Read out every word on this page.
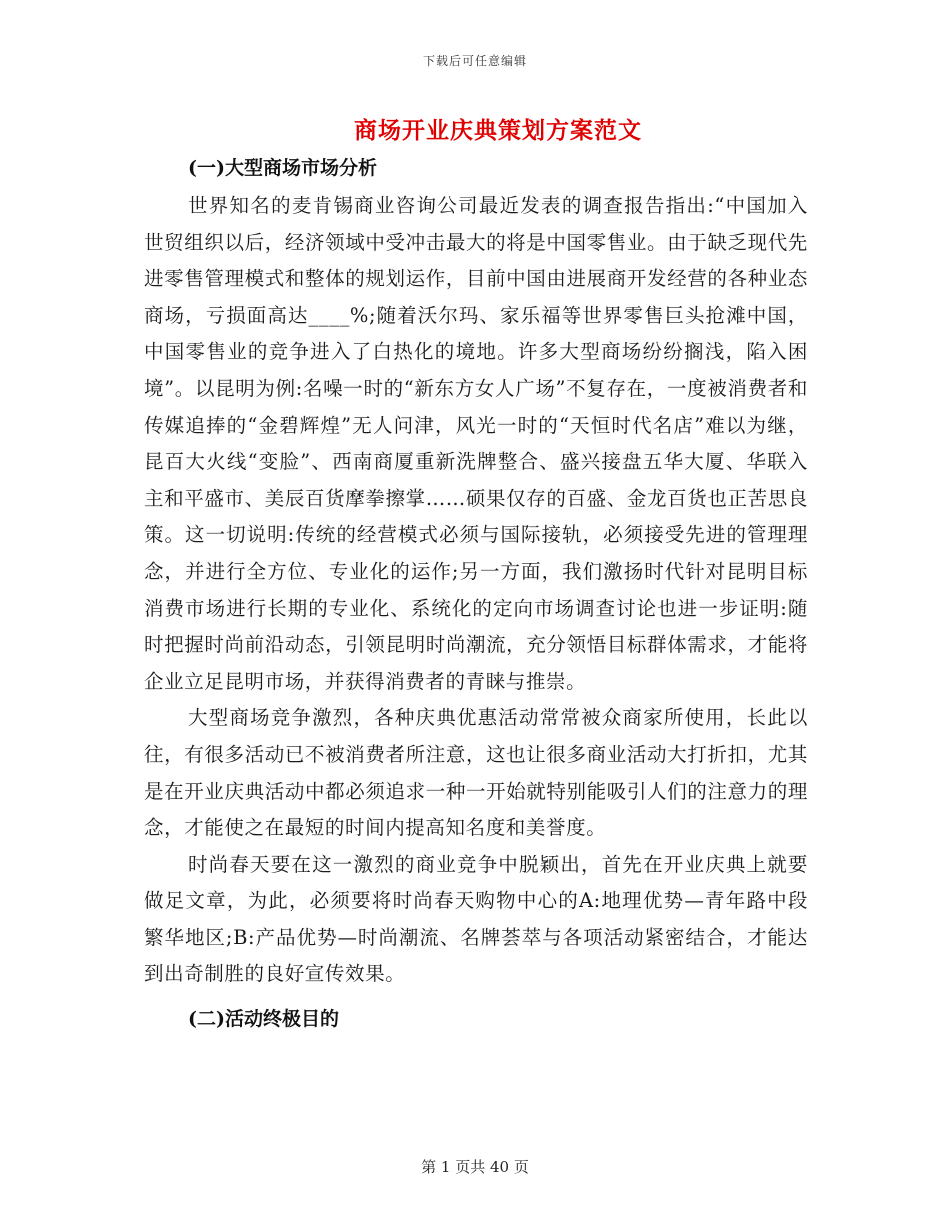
下载后可任意编辑
商场开业庆典策划方案范文
(一)大型商场市场分析

世界知名的麦肯锡商业咨询公司最近发表的调查报告指出:“中国加入世贸组织以后，经济领域中受冲击最大的将是中国零售业。由于缺乏现代先进零售管理模式和整体的规划运作，目前中国由进展商开发经营的各种业态商场，亏损面高达____%;随着沃尔玛、家乐福等世界零售巨头抢滩中国，中国零售业的竞争进入了白热化的境地。许多大型商场纷纷搁浅，陷入困境”。以昆明为例:名噪一时的“新东方女人广场”不复存在，一度被消费者和传媒追捧的“金碧辉煌”无人问津，风光一时的“天恒时代名店”难以为继，昆百大火线“变脸”、西南商厦重新洗牌整合、盛兴接盘五华大厦、华联入主和平盛市、美辰百货摩拳擦掌……硕果仅存的百盛、金龙百货也正苦思良策。这一切说明:传统的经营模式必须与国际接轨，必须接受先进的管理理念，并进行全方位、专业化的运作;另一方面，我们激扬时代针对昆明目标消费市场进行长期的专业化、系统化的定向市场调查讨论也进一步证明:随时把握时尚前沿动态，引领昆明时尚潮流，充分领悟目标群体需求，才能将企业立足昆明市场，并获得消费者的青睐与推崇。

大型商场竞争激烈，各种庆典优惠活动常常被众商家所使用，长此以往，有很多活动已不被消费者所注意，这也让很多商业活动大打折扣，尤其是在开业庆典活动中都必须追求一种一开始就特别能吸引人们的注意力的理念，才能使之在最短的时间内提高知名度和美誉度。

时尚春天要在这一激烈的商业竞争中脱颖出，首先在开业庆典上就要做足文章，为此，必须要将时尚春天购物中心的A:地理优势—青年路中段繁华地区;B:产品优势—时尚潮流、名牌荟萃与各项活动紧密结合，才能达到出奇制胜的良好宣传效果。

(二)活动终极目的
第 1 页共 40 页
